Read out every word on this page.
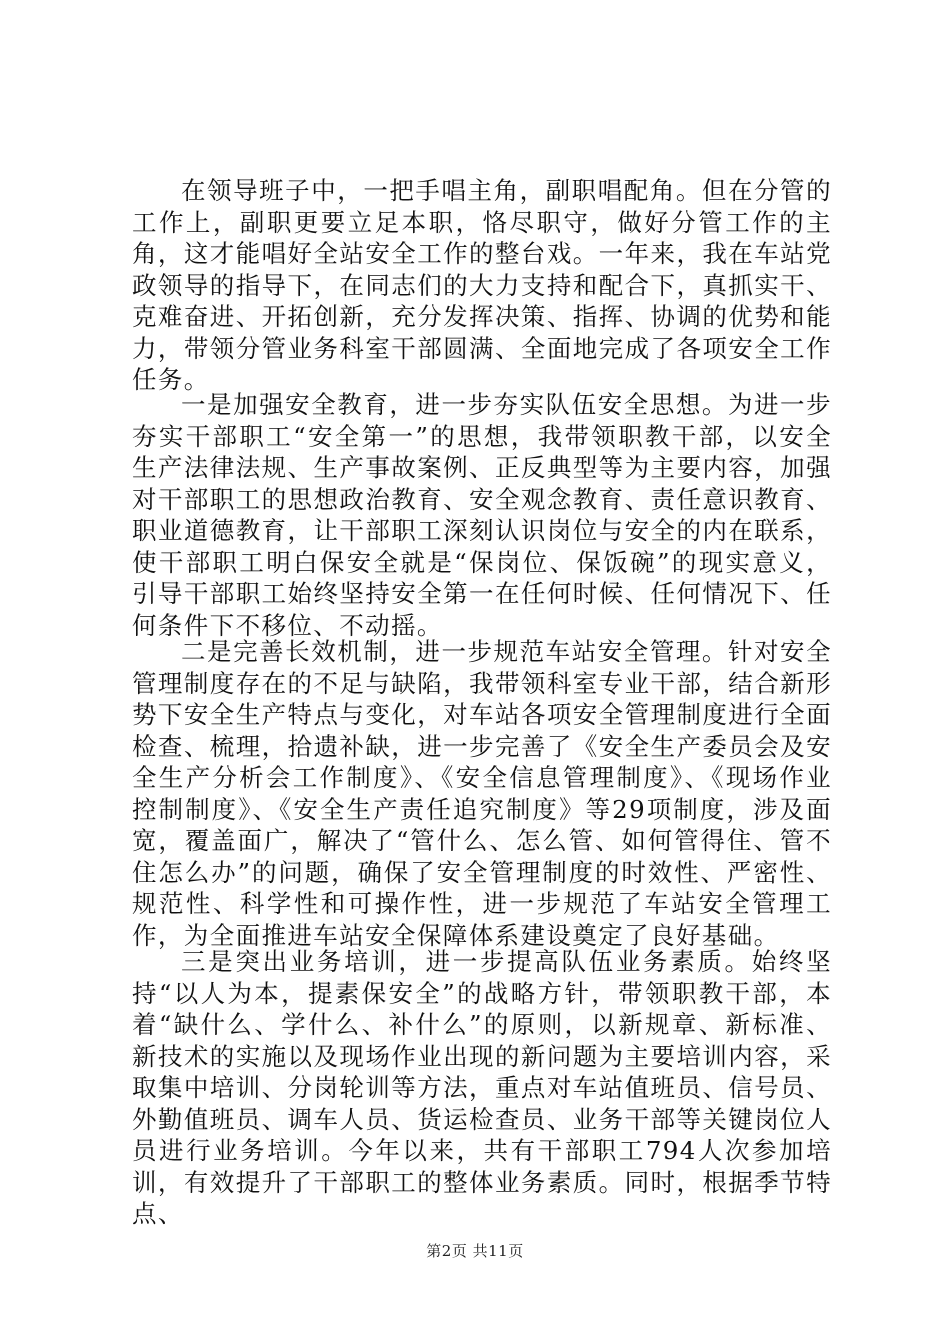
在领导班子中，一把手唱主角，副职唱配角。但在分管的工作上，副职更要立足本职，恪尽职守，做好分管工作的主角，这才能唱好全站安全工作的整台戏。一年来，我在车站党政领导的指导下，在同志们的大力支持和配合下，真抓实干、克难奋进、开拓创新，充分发挥决策、指挥、协调的优势和能力，带领分管业务科室干部圆满、全面地完成了各项安全工作任务。

一是加强安全教育，进一步夯实队伍安全思想。为进一步夯实干部职工“安全第一”的思想，我带领职教干部，以安全生产法律法规、生产事故案例、正反典型等为主要内容，加强对干部职工的思想政治教育、安全观念教育、责任意识教育、职业道德教育，让干部职工深刻认识岗位与安全的内在联系，使干部职工明白保安全就是“保岗位、保饭碗”的现实意义，引导干部职工始终坚持安全第一在任何时候、任何情况下、任何条件下不移位、不动摇。

二是完善长效机制，进一步规范车站安全管理。针对安全管理制度存在的不足与缺陷，我带领科室专业干部，结合新形势下安全生产特点与变化，对车站各项安全管理制度进行全面检查、梳理，拾遗补缺，进一步完善了《安全生产委员会及安全生产分析会工作制度》、《安全信息管理制度》、《现场作业控制制度》、《安全生产责任追究制度》等29项制度，涉及面宽，覆盖面广，解决了“管什么、怎么管、如何管得住、管不住怎么办”的问题，确保了安全管理制度的时效性、严密性、规范性、科学性和可操作性，进一步规范了车站安全管理工作，为全面推进车站安全保障体系建设奠定了良好基础。

三是突出业务培训，进一步提高队伍业务素质。始终坚持“以人为本，提素保安全”的战略方针，带领职教干部，本着“缺什么、学什么、补什么”的原则，以新规章、新标准、新技术的实施以及现场作业出现的新问题为主要培训内容，采取集中培训、分岗轮训等方法，重点对车站值班员、信号员、外勤值班员、调车人员、货运检查员、业务干部等关键岗位人员进行业务培训。今年以来，共有干部职工794人次参加培训，有效提升了干部职工的整体业务素质。同时，根据季节特点、

第2页 共11页
